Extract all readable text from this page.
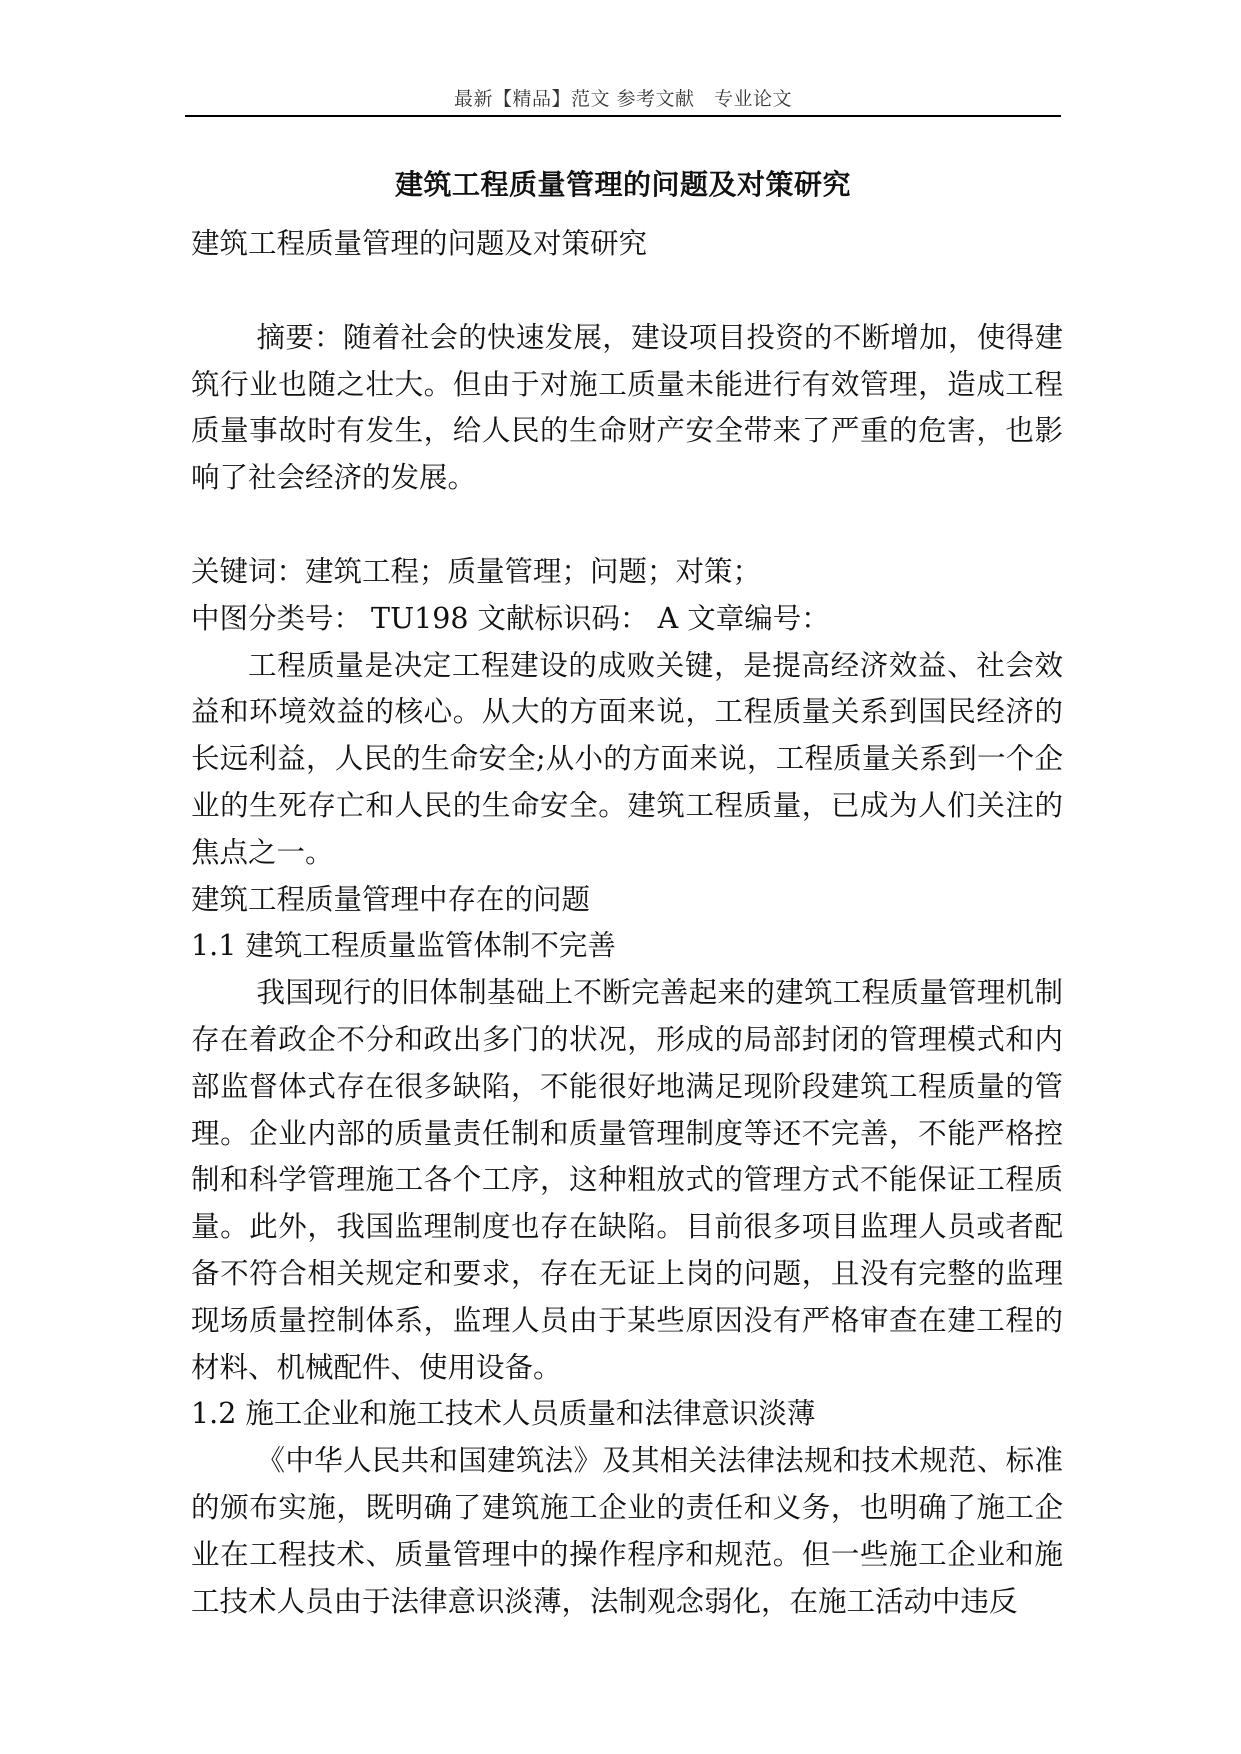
最新【精品】范文 参考文献　专业论文
建筑工程质量管理的问题及对策研究

建筑工程质量管理的问题及对策研究

摘要：随着社会的快速发展，建设项目投资的不断增加，使得建筑行业也随之壮大。但由于对施工质量未能进行有效管理，造成工程质量事故时有发生，给人民的生命财产安全带来了严重的危害，也影响了社会经济的发展。

关键词：建筑工程；质量管理；问题；对策；

中图分类号： TU198 文献标识码： A 文章编号：

工程质量是决定工程建设的成败关键，是提高经济效益、社会效益和环境效益的核心。从大的方面来说，工程质量关系到国民经济的长远利益，人民的生命安全;从小的方面来说，工程质量关系到一个企业的生死存亡和人民的生命安全。建筑工程质量，已成为人们关注的焦点之一。

建筑工程质量管理中存在的问题

1.1 建筑工程质量监管体制不完善

我国现行的旧体制基础上不断完善起来的建筑工程质量管理机制存在着政企不分和政出多门的状况，形成的局部封闭的管理模式和内部监督体式存在很多缺陷，不能很好地满足现阶段建筑工程质量的管理。企业内部的质量责任制和质量管理制度等还不完善，不能严格控制和科学管理施工各个工序，这种粗放式的管理方式不能保证工程质量。此外，我国监理制度也存在缺陷。目前很多项目监理人员或者配备不符合相关规定和要求，存在无证上岗的问题，且没有完整的监理现场质量控制体系，监理人员由于某些原因没有严格审查在建工程的材料、机械配件、使用设备。

1.2 施工企业和施工技术人员质量和法律意识淡薄

《中华人民共和国建筑法》及其相关法律法规和技术规范、标准的颁布实施，既明确了建筑施工企业的责任和义务，也明确了施工企业在工程技术、质量管理中的操作程序和规范。但一些施工企业和施工技术人员由于法律意识淡薄，法制观念弱化，在施工活动中违反
